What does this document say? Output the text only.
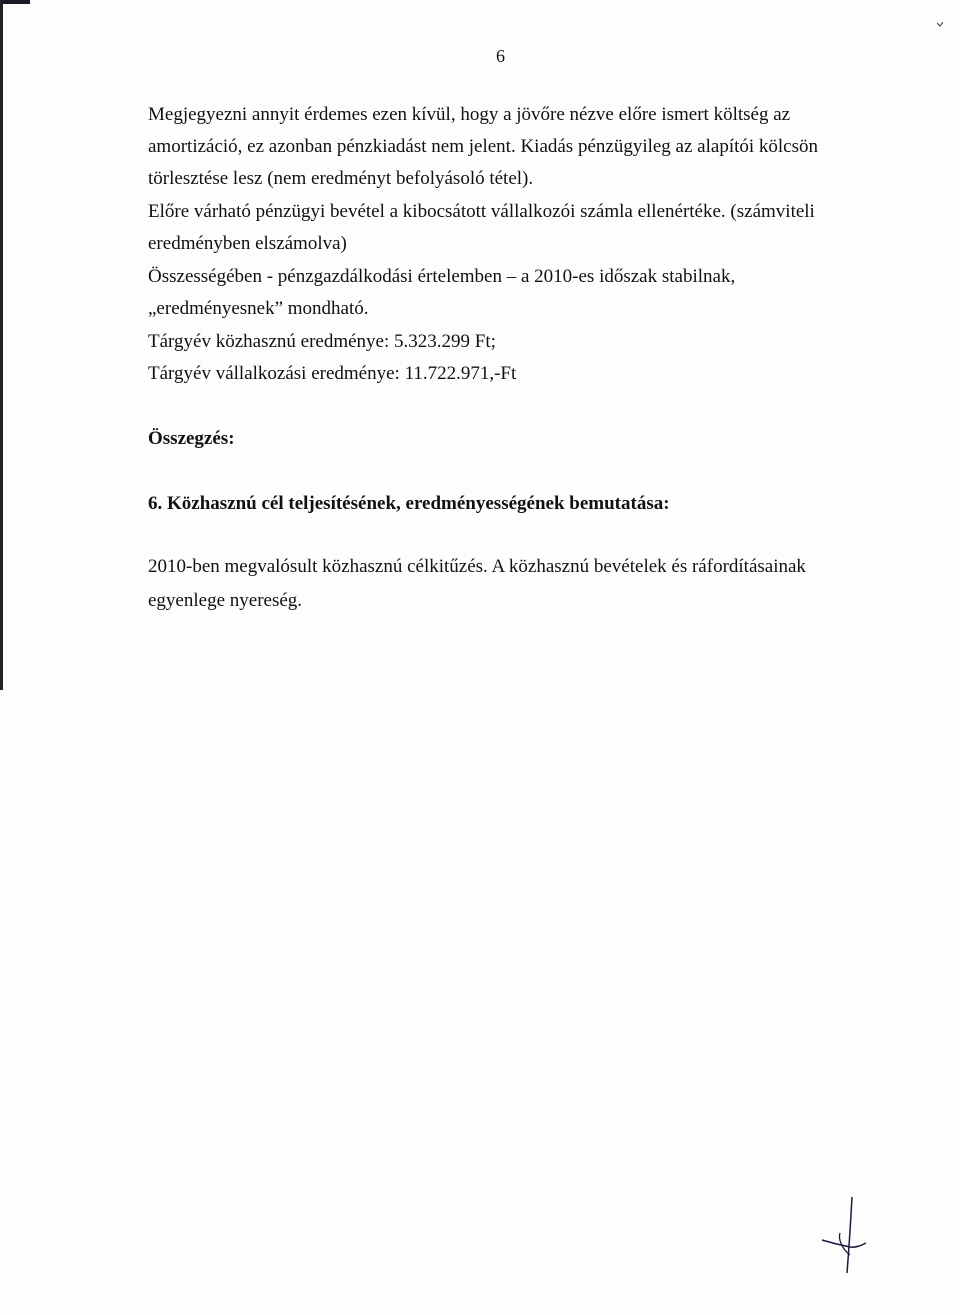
6
Megjegyezni annyit érdemes ezen kívül, hogy a jövőre nézve előre ismert költség az
amortizáció, ez azonban pénzkiadást nem jelent. Kiadás pénzügyileg az alapítói kölcsön
törlesztése lesz (nem eredményt befolyásoló tétel).
Előre várható pénzügyi bevétel a kibocsátott vállalkozói számla ellenértéke. (számviteli
eredményben elszámolva)
Összességében - pénzgazdálkodási értelemben – a 2010-es időszak stabilnak,
„eredményesnek” mondható.
Tárgyév közhasznú eredménye: 5.323.299 Ft;
Tárgyév vállalkozási eredménye: 11.722.971,-Ft
Összegzés:
6. Közhasznú cél teljesítésének, eredményességének bemutatása:
2010-ben megvalósult közhasznú célkitűzés. A közhasznú bevételek és ráfordításainak
egyenlege nyereség.
